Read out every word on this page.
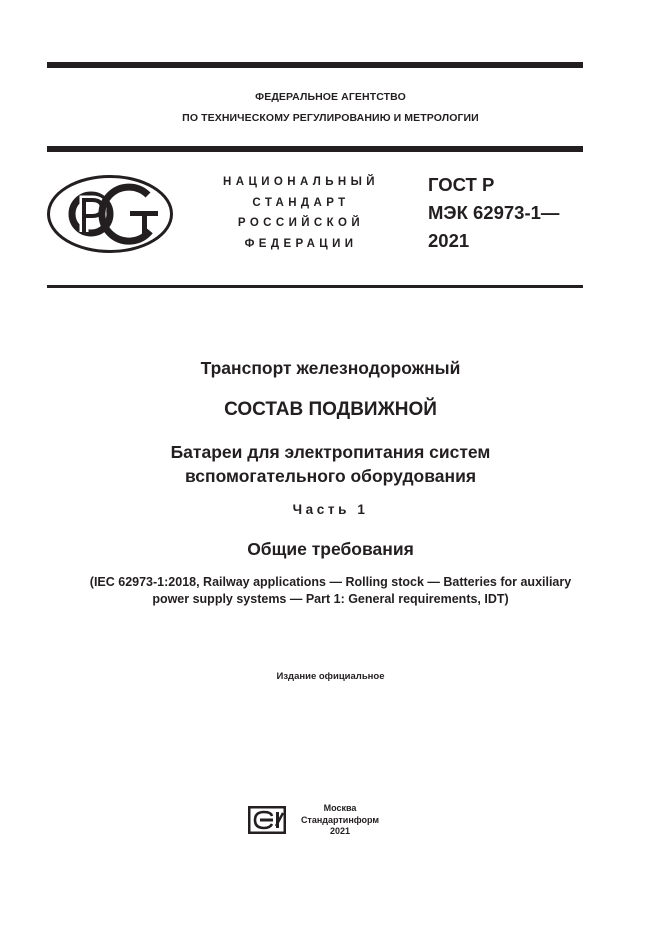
ФЕДЕРАЛЬНОЕ АГЕНТСТВО
ПО ТЕХНИЧЕСКОМУ РЕГУЛИРОВАНИЮ И МЕТРОЛОГИИ
НАЦИОНАЛЬНЫЙ
СТАНДАРТ
РОССИЙСКОЙ
ФЕДЕРАЦИИ
ГОСТ Р
МЭК 62973-1—
2021
Транспорт железнодорожный
СОСТАВ ПОДВИЖНОЙ
Батареи для электропитания систем
вспомогательного оборудования
Часть 1
Общие требования
(IEC 62973-1:2018, Railway applications — Rolling stock — Batteries for auxiliary
power supply systems — Part 1: General requirements, IDT)
Издание официальное
Москва
Стандартинформ
2021
